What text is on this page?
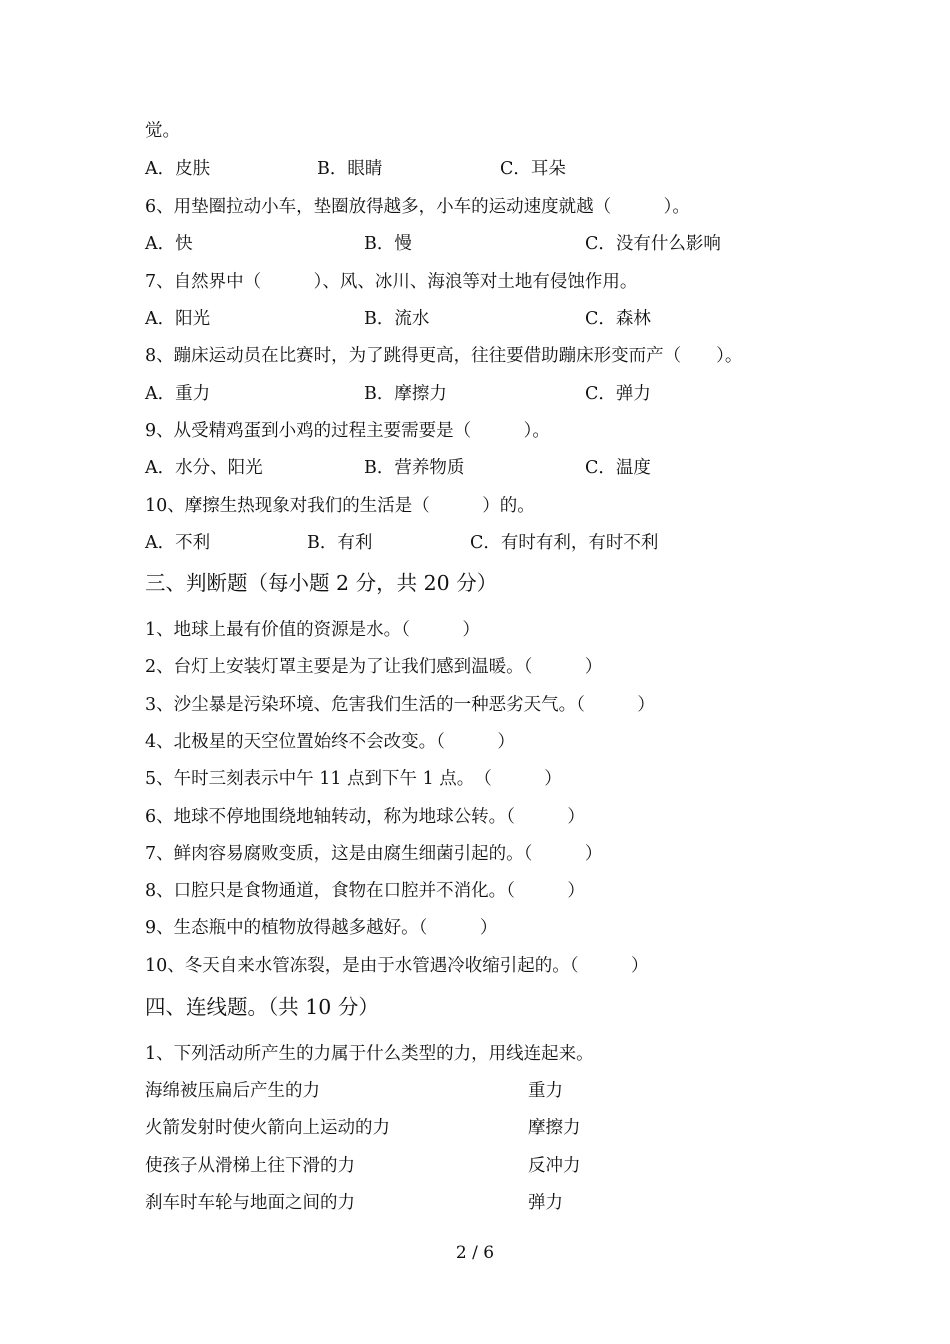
觉。
A．皮肤	B．眼睛	C．耳朵
6、用垫圈拉动小车，垫圈放得越多，小车的运动速度就越（　　　）。
A．快	B．慢	C．没有什么影响
7、自然界中（　　　）、风、冰川、海浪等对土地有侵蚀作用。
A．阳光	B．流水	C．森林
8、蹦床运动员在比赛时，为了跳得更高，往往要借助蹦床形变而产（　　）。
A．重力	B．摩擦力	C．弹力
9、从受精鸡蛋到小鸡的过程主要需要是（　　　）。
A．水分、阳光	B．营养物质	C．温度
10、摩擦生热现象对我们的生活是（　　　）的。
A．不利	B．有利	C．有时有利，有时不利
三、判断题（每小题 2 分，共 20 分）
1、地球上最有价值的资源是水。（　　　）
2、台灯上安装灯罩主要是为了让我们感到温暖。（　　　）
3、沙尘暴是污染环境、危害我们生活的一种恶劣天气。（　　　）
4、北极星的天空位置始终不会改变。（　　　）
5、午时三刻表示中午 11 点到下午 1 点。　（　　　）
6、地球不停地围绕地轴转动，称为地球公转。（　　　）
7、鲜肉容易腐败变质，这是由腐生细菌引起的。（　　　）
8、口腔只是食物通道，食物在口腔并不消化。（　　　）
9、生态瓶中的植物放得越多越好。（　　　）
10、冬天自来水管冻裂，是由于水管遇冷收缩引起的。（　　　）
四、连线题。（共 10 分）
1、下列活动所产生的力属于什么类型的力，用线连起来。
海绵被压扁后产生的力	重力
火箭发射时使火箭向上运动的力	摩擦力
使孩子从滑梯上往下滑的力	反冲力
刹车时车轮与地面之间的力	弹力
2 / 6
